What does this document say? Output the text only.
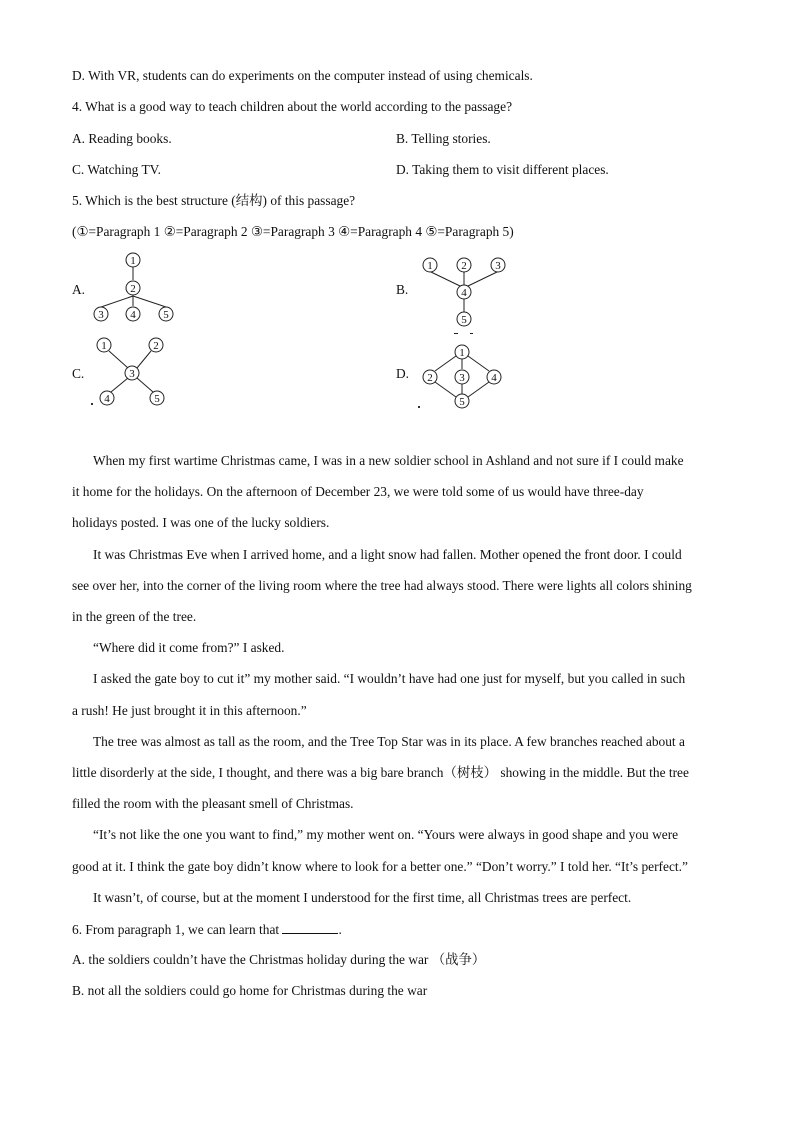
D. With VR, students can do experiments on the computer instead of using chemicals.
4. What is a good way to teach children about the world according to the passage?
A. Reading books.	B. Telling stories.
C. Watching TV.	D. Taking them to visit different places.
5. Which is the best structure (结构) of this passage?
(①=Paragraph 1 ②=Paragraph 2 ③=Paragraph 3 ④=Paragraph 4 ⑤=Paragraph 5)
A.	B.
C.	D.
1
2
3 4	5
1	2	3
4
5
1	2
3
4	5
1
2 3 4
5
When my first wartime Christmas came, I was in a new soldier school in Ashland and not sure if I could make
it home for the holidays. On the afternoon of December 23, we were told some of us would have three-day
holidays posted. I was one of the lucky soldiers.
It was Christmas Eve when I arrived home, and a light snow had fallen. Mother opened the front door. I could
see over her, into the corner of the living room where the tree had always stood. There were lights all colors shining
in the green of the tree.
“Where did it come from?” I asked.
I asked the gate boy to cut it” my mother said. “I wouldn’t have had one just for myself, but you called in such
a rush! He just brought it in this afternoon.”
The tree was almost as tall as the room, and the Tree Top Star was in its place. A few branches reached about a
little disorderly at the side, I thought, and there was a big bare branch（树枝） showing in the middle. But the tree
filled the room with the pleasant smell of Christmas.
“It’s not like the one you want to find,” my mother went on. “Yours were always in good shape and you were
good at it. I think the gate boy didn’t know where to look for a better one.” “Don’t worry.” I told her. “It’s perfect.”
It wasn’t, of course, but at the moment I understood for the first time, all Christmas trees are perfect.
6. From paragraph 1, we can learn that	.
A. the soldiers couldn’t have the Christmas holiday during the war （战争）
B. not all the soldiers could go home for Christmas during the war
